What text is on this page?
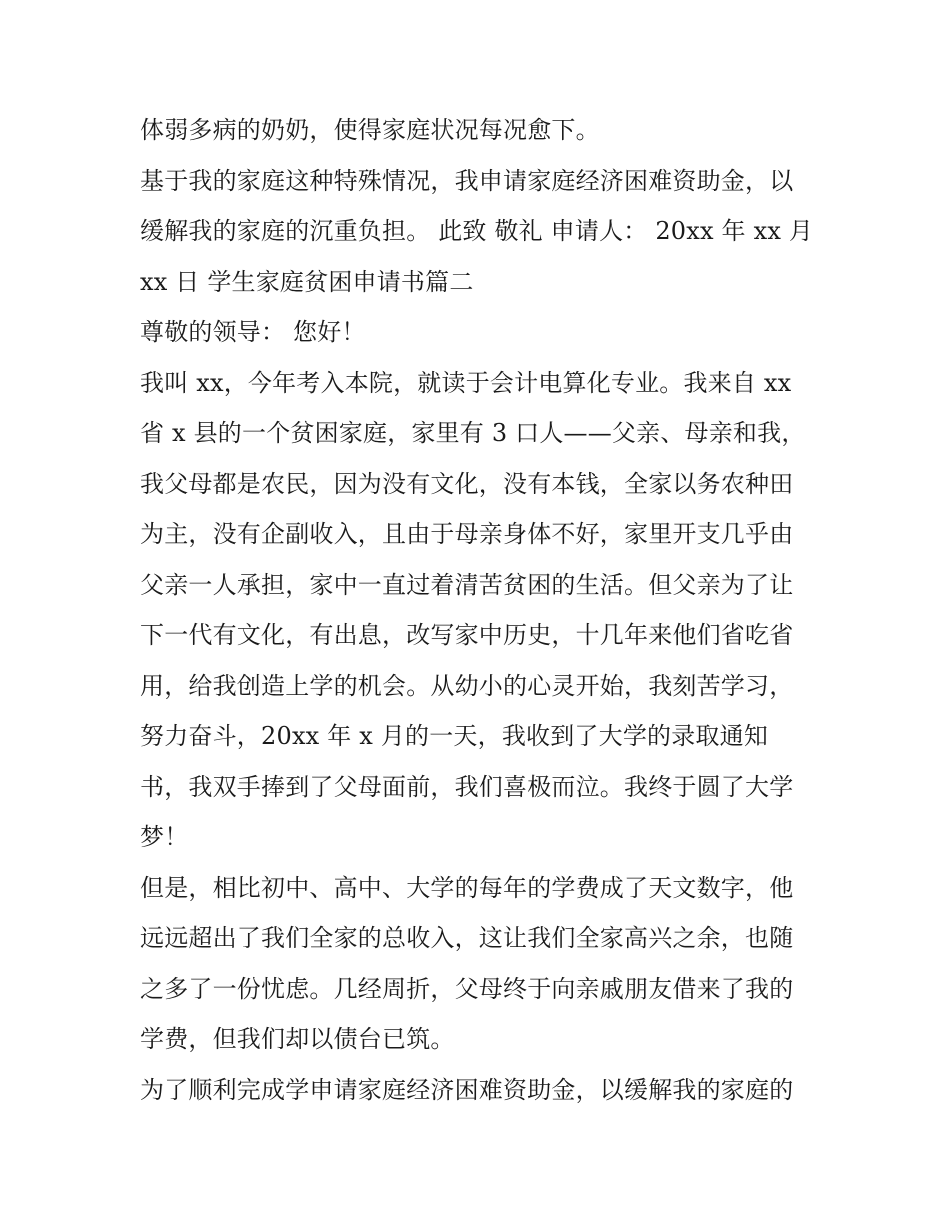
体弱多病的奶奶，使得家庭状况每况愈下。
基于我的家庭这种特殊情况，我申请家庭经济困难资助金，以
缓解我的家庭的沉重负担。 此致 敬礼 申请人： 20xx 年 xx 月
xx 日 学生家庭贫困申请书篇二
尊敬的领导： 您好！
我叫 xx，今年考入本院，就读于会计电算化专业。我来自 xx
省 x 县的一个贫困家庭，家里有 3 口人——父亲、母亲和我，
我父母都是农民，因为没有文化，没有本钱，全家以务农种田
为主，没有企副收入，且由于母亲身体不好，家里开支几乎由
父亲一人承担，家中一直过着清苦贫困的生活。但父亲为了让
下一代有文化，有出息，改写家中历史，十几年来他们省吃省
用，给我创造上学的机会。从幼小的心灵开始，我刻苦学习，
努力奋斗，20xx 年 x 月的一天，我收到了大学的录取通知
书，我双手捧到了父母面前，我们喜极而泣。我终于圆了大学
梦！
但是，相比初中、高中、大学的每年的学费成了天文数字，他
远远超出了我们全家的总收入，这让我们全家高兴之余，也随
之多了一份忧虑。几经周折，父母终于向亲戚朋友借来了我的
学费，但我们却以债台已筑。
为了顺利完成学申请家庭经济困难资助金，以缓解我的家庭的
